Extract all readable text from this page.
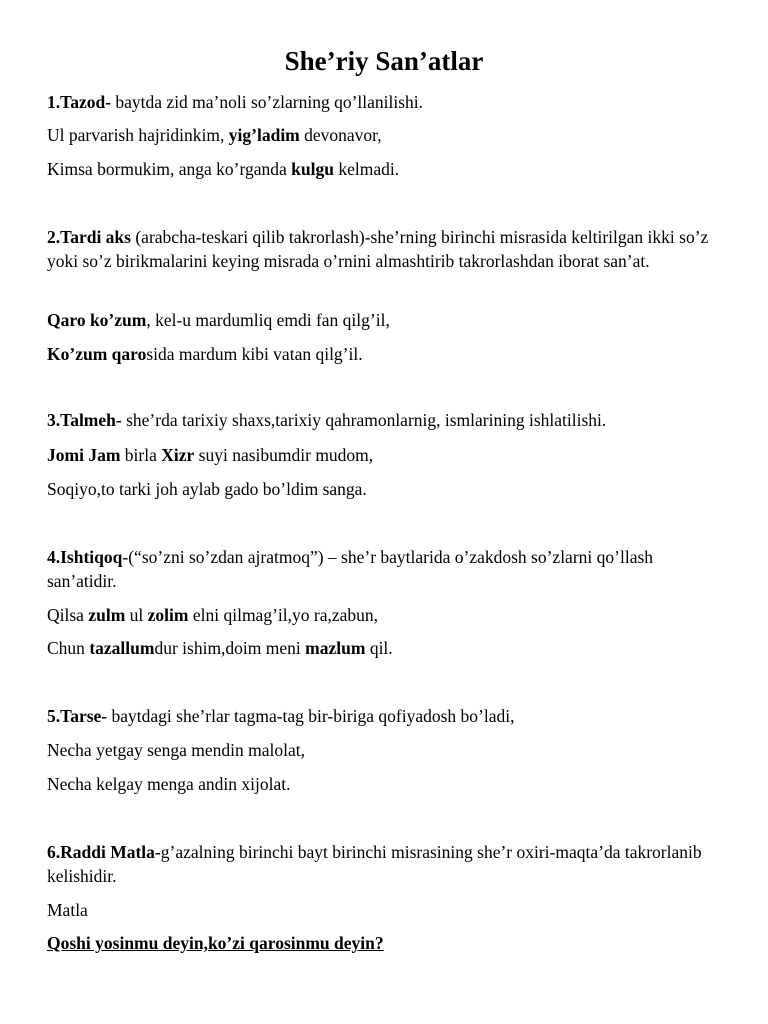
She’riy San’atlar

1.Tazod- baytda zid ma’noli so’zlarning qo’llanilishi.

Ul parvarish hajridinkim, yig’ladim devonavor,

Kimsa bormukim, anga ko’rganda kulgu kelmadi.

2.Tardi aks (arabcha-teskari qilib takrorlash)-she’rning birinchi misrasida keltirilgan ikki so’z yoki so’z birikmalarini keying misrada o’rnini almashtirib takrorlashdan iborat san’at.

Qaro ko’zum, kel-u mardumliq emdi fan qilg’il,

Ko’zum qarosida mardum kibi vatan qilg’il.

3.Talmeh- she’rda tarixiy shaxs,tarixiy qahramonlarnig, ismlarining ishlatilishi.

Jomi Jam birla Xizr suyi nasibumdir mudom,

Soqiyo,to tarki joh aylab gado bo’ldim sanga.

4.Ishtiqoq-(“so’zni so’zdan ajratmoq”) – she’r baytlarida o’zakdosh so’zlarni qo’llash san’atidir.

Qilsa zulm ul zolim elni qilmag’il,yo ra,zabun,

Chun tazallumdur ishim,doim meni mazlum qil.

5.Tarse- baytdagi she’rlar tagma-tag bir-biriga qofiyadosh bo’ladi,

Necha yetgay senga mendin malolat,

Necha kelgay menga andin xijolat.

6.Raddi Matla-g’azalning birinchi bayt birinchi misrasining she’r oxiri-maqta’da takrorlanib kelishidir.

Matla

Qoshi yosinmu deyin,ko’zi qarosinmu deyin?
